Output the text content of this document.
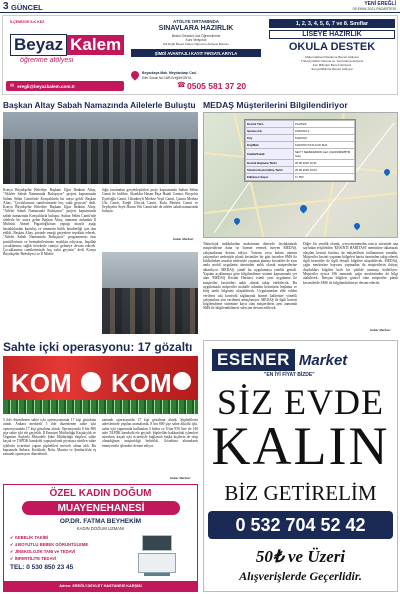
3 GÜNCEL	YENİ EREĞLİ
05 EKİM 2021 PAZARTESİ
İLÇEMİZDE İLK KEZ
Beyaz Kalem
öğrenme atölyesi
✉ eregli@beyazkalem.com.tr
ATÖLYE ORTAMINDA
SINAVLARA HAZIRLIK
İlkokul Ortaokul Lise Öğrencilerine
Kurs Veriyoruz
Sül Değil Beyaz Kalem Öğrenme Atölyesi Bulunur
ŞİMDİ AVANTAJLI KAYIT FIRSATLARIYLA
Beyazkaya Mah. Meydanbaşı Cad.
Eller Sokak No:15/B Ereğli/KONYA
☎ 0505 581 37 20
1, 2, 3, 4, 5, 6, 7 ve 8. Sınıflar
LİSEYE HAZIRLIK
OKULA DESTEK
Matematiksel Düşünme Beceri Atölyesi
Türkçeyi Etkin Okuma ve Yorumlama Atölyesi
Fen Bilimleri Beceri Atölyesi
Sosyal Bilimler Beceri Atölyesi
Başkan Altay Sabah Namazında Ailelerle Buluştu
Konya Büyükşehir Belediye Başkanı Uğur İbrahim Altay, "Akleler Sabah Namazında Buluşuyor" projesi kapsamında Sultan Selim Camii'nde Konyalılarla bir araya geldi. Başkan Altay, "Çocuklarımız camilerimizde hoş vakit geçirsin" dedi. Konya Büyükşehir Belediye Başkanı Uğur İbrahim Altay, "Aileler Sabah Namazında Buluşuyor" projesi kapsamında sabah namazında Konyalılarla buluştu. Sultan Selim Camii'nde ailelerle bir araya gelen Başkan Altay, namazın ardından İl Müftüsü Ahmet Pagarioğlu'nun yaptığı duayla aşağı hastalıklardan kurtuluş ve ümmetin birlik beraberliği için dua edildi. Başkan Altay, projede emeği geçenlere teşekkür ederek, "Aileler Sabah Namazında Buluşuyor" programımızı tüm pozitiflerimiz ve hemşehrilerimize teşekkür ediyoruz. İnşallah çocuklarımız sağlık bereketle camiye gelmeye devam edecek. Çocuklarımız camilerimizde hoş vakit geçirsin" dedi. Konya Büyükşehir Belediyesi ve İl Müftü-
lüğü tarafından gerçekleştirilen proje kapsamında Sultan Selim Camii ile birlikte, Alaeddin Hasan Paşa Hatali Camisi, Beyşehir Eşrefoğlu Camii, Cihanbeyli Merkez Yeşil Camii, Çumra Merkez Ulu Camii, Ereğli Ulucuk Camii, Kulu Merkez Camii ve Seydişehir Seyit Harun Veli Camii'nde de aileler sabah namazında buluştu.
Haber Merkezi
MEDAŞ Müşterilerini Bilgilendiriyor
Kesinti Türü	PLANSIZ
İşletme Adı	KARATAY-1
Köy	KARATAY
Köy/Mah	KARATAY/TATLICAK Mah
Cadde/Sokak	SEYİT ŞEREFEDDİN Cad. (ÇENSİMİZ/BTM Sok)
Kesinti Başlama Tarihi	25.06.2020 10:31
Tahmini Kesinti Bitiş Tarihi	25.06.2020 19:03
Etkilenen Sayısı	0 / 550
Teknolojik imkânlardan maksimum düzeyde faydalanarak müşterilerine daha iyi hizmet vermek isteyen MEDAŞ, çalışmalarına devam ediyor. Yatırım veya bakım onarım çalışmaları nedeniyle planlı kesintiler bir gün önceden SMS ile bildirilirken arızalar nedeniyle yaşanan plansız kesintiler de aynı anda mobil uygulama üzerinden anlık olarak müşterilerine aktarılıyor. MEDAŞ, şimdi bu uygulamaya yenilik getirdi. Yapılan açıklamaya göre bilgilendirme sistemi kapsamında yer alan 'MEDAŞ Kesinti Haritası' isimli yeni uygulama ile müşteriler kesintileri anlık olarak takip edebilecek. Bu uygulamada müşteriler mahalle adından kesintinin başlama ve bitiş tarihi bilgisine ulaşabilecek. Uygulamadan elde edilen verilerin sıkı kontrolü sağlanarak hizmet kalitesine yönelik çalışmalara yön verilmesi amaçlanıyor. MEDAŞ ile ilgili kesinti bilgilendirme sistemine kayıt olan müşterilerin aynı zamanda SMS ile bilgilendirilmesi sürecine devam edilecek.
Diğer bir yenilik olarak; www.meramedas.com.tr sitesinde ana sayfadan erişilebilen 'KESİNTİ HARİTASI' menüsüne tıklanarak ulaşılan kesinti haritası da müşterilerin kullanımına sunuldu. Müşteriler kesinti yaşanan bölgeleri harita üzerinden takip ederek ilgili kesintiler ile ilgili detaylı bilgilere ulaşabilecek. MEDAŞ, çağrı merkezine başvuru yapmadan da müşterilerin ihtiyaç duydukları bilgileri hızlı bir şekilde sunmayı hedefliyor. Müşteriler ayrıca 186 numaralı çağrı merkezinden de bilgi alabilecek. İletişim bilgileri güncel olan müşteriler planlı kesintilerde SMS ile bilgilendirilmeye devam edecek.
Haber Merkezi
Sahte içki operasyonu: 17 gözaltı
KOM KOM
5 ilde düzenlenen sahte içki operasyonunda 17 kişi gözaltına alındı. Ankara merkezli 5 ilde düzenlenen sahte içki operasyonunda 17 kişi gözaltına alındı. Operasyonda 8 bin 800 şişe sahte içki ele geçirildi. İl Emniyet Müdürlüğü Kaçakçılık ve Organize Suçlarla Mücadele Şube Müdürlüğü ekipleri, sahte kaçak ve TAPDK bandrolü yapıştırılarak piyasaya sürülen sahte içkilerin ticaretini yapan şüphelileri mercek altına aldı. Bu kapsamda Ankara, Kırıkkale, Bolu, Manisa ve Şanlıurfa'da eş zamanlı operasyon düzenlendi.
zamanlı operasyonda 17 kişi gözaltına alındı. Şüphelilerin adreslerinde yapılan aramalarda, 8 bin 800 şişe sahte alkollü içki, sahte içki yapımında kullanılan 3 bidon ve 8 bin 950 litre ile 140 adet TAPDK bandrolü ele geçirdi. Şüpheliler hakkındaki işlemleri sürerken, kaçak içki ticaretiyle bağlantılı başka kişilerin de olup olmadığının araştırıldığı belirtildi. Gözaltına alınanların emniyetteki işlemleri devam ediyor.
Haber Merkezi
ESENER Market
"EN İYİ FİYAT BİZDE"
SİZ EVDE
KALIN
BİZ GETİRELİM
0 532 704 52 42
50₺ ve Üzeri
Alışverişlerde Geçerlidir.
ÖZEL KADIN DOĞUM
MUAYENEHANESİ
OP.DR. FATMA BEYHEKİM
KADIN DOĞUM UZMANI
✔ GEBELİK TAKİBİ
✔ 4 BOYUTLU BEBEK GÖRÜNTÜLEME
✔ JİNEKOLOJİK TANI ve TEDAVİ
✔ İNFERTİLİTE TEDAVİ
TEL: 0 530 850 23 45
Adres: EREĞLİ DEVLET HASTANESİ KARŞISI
